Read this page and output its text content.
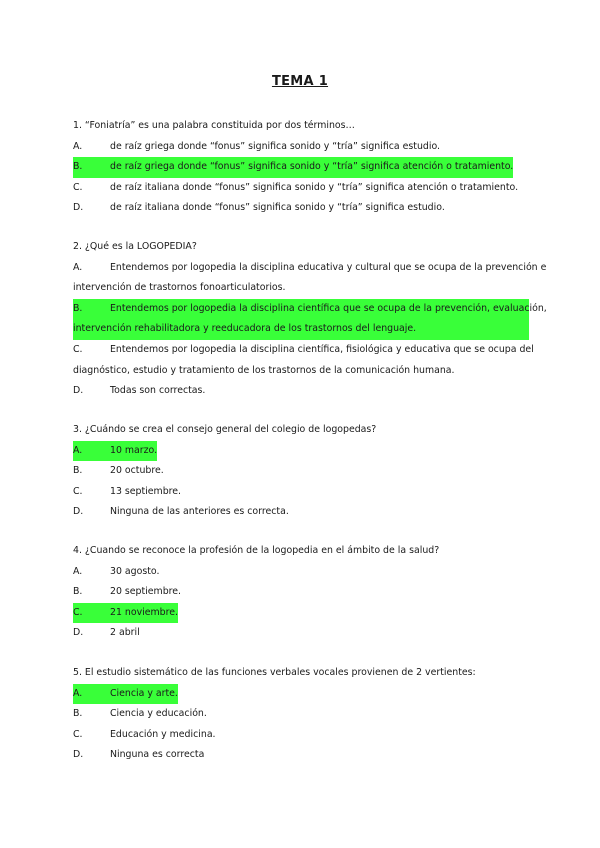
TEMA 1
1. “Foniatría” es una palabra constituida por dos términos…
A.	de raíz griega donde “fonus” significa sonido y “tría” significa estudio.
B.	de raíz griega donde “fonus” significa sonido y “tría” significa atención o tratamiento.
C.	de raíz italiana donde “fonus” significa sonido y “tría” significa atención o tratamiento.
D.	de raíz italiana donde “fonus” significa sonido y “tría” significa estudio.
2. ¿Qué es la LOGOPEDIA?
A.	Entendemos por logopedia la disciplina educativa y cultural que se ocupa de la prevención e
intervención de trastornos fonoarticulatorios.
B.	Entendemos por logopedia la disciplina científica que se ocupa de la prevención, evaluación,
intervención rehabilitadora y reeducadora de los trastornos del lenguaje.
C.	Entendemos por logopedia la disciplina científica, fisiológica y educativa que se ocupa del
diagnóstico, estudio y tratamiento de los trastornos de la comunicación humana.
D.	Todas son correctas.
3. ¿Cuándo se crea el consejo general del colegio de logopedas?
A.	10 marzo.
B.	20 octubre.
C.	13 septiembre.
D.	Ninguna de las anteriores es correcta.
4. ¿Cuando se reconoce la profesión de la logopedia en el ámbito de la salud?
A.	30 agosto.
B.	20 septiembre.
C.	21 noviembre.
D.	2 abril
5. El estudio sistemático de las funciones verbales vocales provienen de 2 vertientes:
A.	Ciencia y arte.
B.	Ciencia y educación.
C.	Educación y medicina.
D.	Ninguna es correcta
